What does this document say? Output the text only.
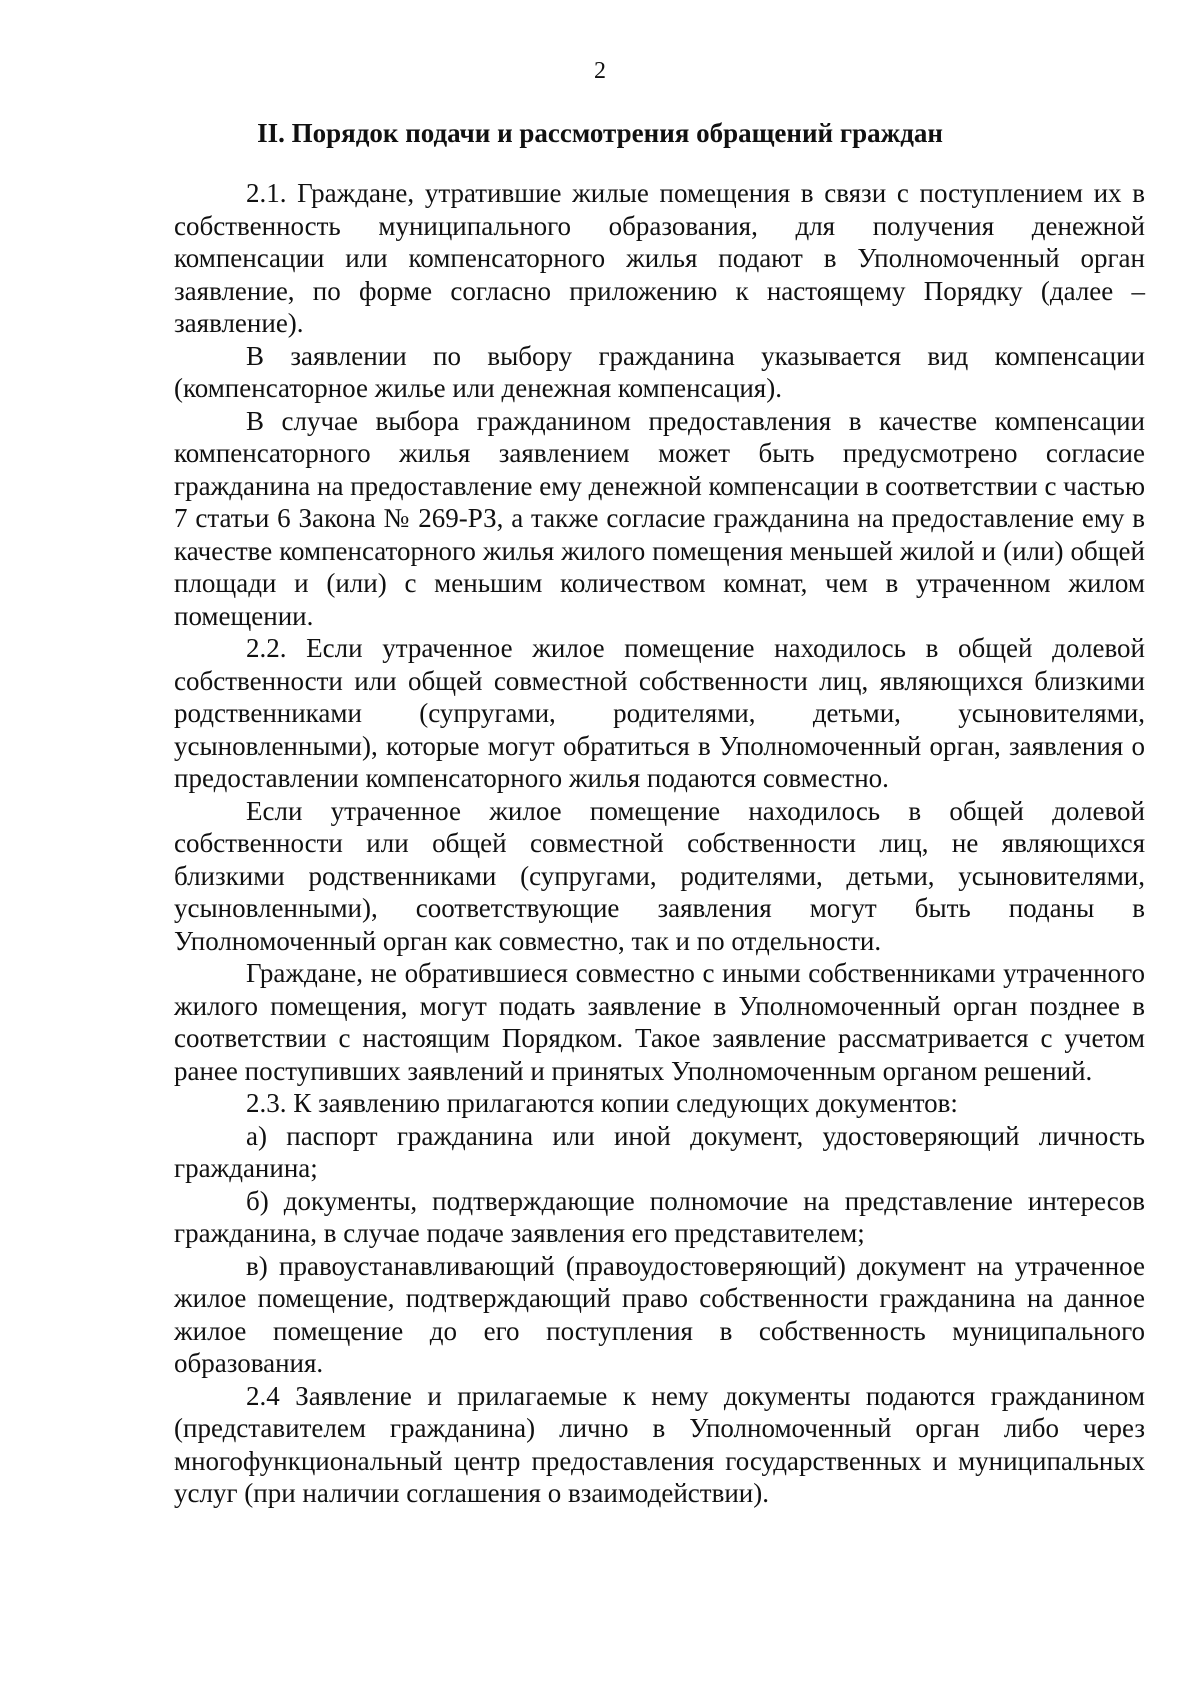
2
II. Порядок подачи и рассмотрения обращений граждан

2.1. Граждане, утратившие жилые помещения в связи с поступлением их в собственность муниципального образования, для получения денежной компенсации или компенсаторного жилья подают в Уполномоченный орган заявление, по форме согласно приложению к настоящему Порядку (далее – заявление).

В заявлении по выбору гражданина указывается вид компенсации (компенсаторное жилье или денежная компенсация).

В случае выбора гражданином предоставления в качестве компенсации компенсаторного жилья заявлением может быть предусмотрено согласие гражданина на предоставление ему денежной компенсации в соответствии с частью 7 статьи 6 Закона № 269-РЗ, а также согласие гражданина на предоставление ему в качестве компенсаторного жилья жилого помещения меньшей жилой и (или) общей площади и (или) с меньшим количеством комнат, чем в утраченном жилом помещении.

2.2. Если утраченное жилое помещение находилось в общей долевой собственности или общей совместной собственности лиц, являющихся близкими родственниками (супругами, родителями, детьми, усыновителями, усыновленными), которые могут обратиться в Уполномоченный орган, заявления о предоставлении компенсаторного жилья подаются совместно.

Если утраченное жилое помещение находилось в общей долевой собственности или общей совместной собственности лиц, не являющихся близкими родственниками (супругами, родителями, детьми, усыновителями, усыновленными), соответствующие заявления могут быть поданы в Уполномоченный орган как совместно, так и по отдельности.

Граждане, не обратившиеся совместно с иными собственниками утраченного жилого помещения, могут подать заявление в Уполномоченный орган позднее в соответствии с настоящим Порядком. Такое заявление рассматривается с учетом ранее поступивших заявлений и принятых Уполномоченным органом решений.

2.3. К заявлению прилагаются копии следующих документов:

а) паспорт гражданина или иной документ, удостоверяющий личность гражданина;

б) документы, подтверждающие полномочие на представление интересов гражданина, в случае подаче заявления его представителем;

в) правоустанавливающий (правоудостоверяющий) документ на утраченное жилое помещение, подтверждающий право собственности гражданина на данное жилое помещение до его поступления в собственность муниципального образования.

2.4 Заявление и прилагаемые к нему документы подаются гражданином (представителем гражданина) лично в Уполномоченный орган либо через многофункциональный центр предоставления государственных и муниципальных услуг (при наличии соглашения о взаимодействии).
